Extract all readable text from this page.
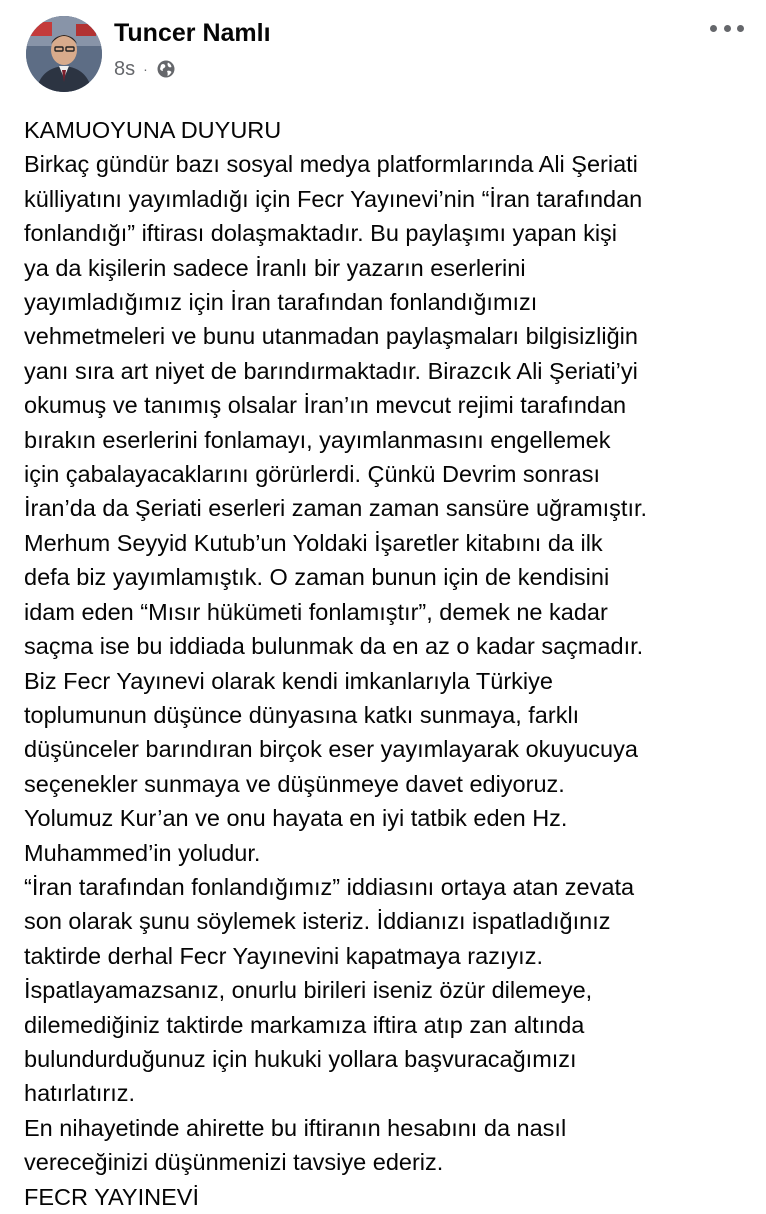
Tuncer Namlı
8s ·

KAMUOYUNA DUYURU

Birkaç gündür bazı sosyal medya platformlarında Ali Şeriati

külliyatını yayımladığı için Fecr Yayınevi’nin “İran tarafından

fonlandığı” iftirası dolaşmaktadır. Bu paylaşımı yapan kişi

ya da kişilerin sadece İranlı bir yazarın eserlerini

yayımladığımız için İran tarafından fonlandığımızı

vehmetmeleri ve bunu utanmadan paylaşmaları bilgisizliğin

yanı sıra art niyet de barındırmaktadır. Birazcık Ali Şeriati’yi

okumuş ve tanımış olsalar İran’ın mevcut rejimi tarafından

bırakın eserlerini fonlamayı, yayımlanmasını engellemek

için çabalayacaklarını görürlerdi. Çünkü Devrim sonrası

İran’da da Şeriati eserleri zaman zaman sansüre uğramıştır.

Merhum Seyyid Kutub’un Yoldaki İşaretler kitabını da ilk

defa biz yayımlamıştık. O zaman bunun için de kendisini

idam eden “Mısır hükümeti fonlamıştır”, demek ne kadar

saçma ise bu iddiada bulunmak da en az o kadar saçmadır.

Biz Fecr Yayınevi olarak kendi imkanlarıyla Türkiye

toplumunun düşünce dünyasına katkı sunmaya, farklı

düşünceler barındıran birçok eser yayımlayarak okuyucuya

seçenekler sunmaya ve düşünmeye davet ediyoruz.

Yolumuz Kur’an ve onu hayata en iyi tatbik eden Hz.

Muhammed’in yoludur.

“İran tarafından fonlandığımız” iddiasını ortaya atan zevata

son olarak şunu söylemek isteriz. İddianızı ispatladığınız

taktirde derhal Fecr Yayınevini kapatmaya razıyız.

İspatlayamazsanız, onurlu birileri iseniz özür dilemeye,

dilemediğiniz taktirde markamıza iftira atıp zan altında

bulundurduğunuz için hukuki yollara başvuracağımızı

hatırlatırız.

En nihayetinde ahirette bu iftiranın hesabını da nasıl

vereceğinizi düşünmenizi tavsiye ederiz.

FECR YAYINEVİ
